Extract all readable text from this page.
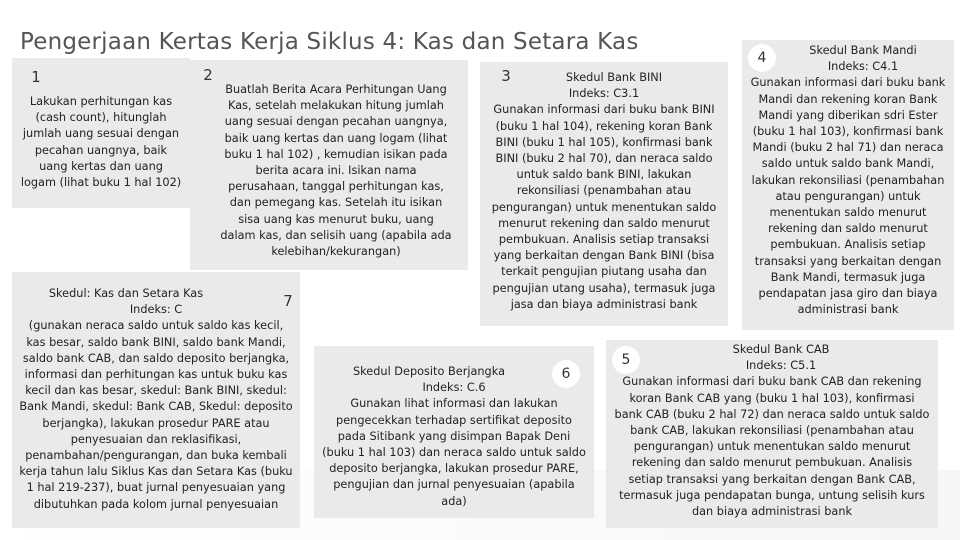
Pengerjaan Kertas Kerja Siklus 4: Kas dan Setara Kas

Lakukan perhitungan kas (cash count), hitunglah jumlah uang sesuai dengan pecahan uangnya, baik uang kertas dan uang logam (lihat buku 1 hal 102)

1

Buatlah Berita Acara Perhitungan Uang Kas, setelah melakukan hitung jumlah uang sesuai dengan pecahan uangnya, baik uang kertas dan uang logam (lihat buku 1 hal 102) , kemudian isikan pada berita acara ini. Isikan nama perusahaan, tanggal perhitungan kas, dan pemegang kas. Setelah itu isikan sisa uang kas menurut buku, uang dalam kas, dan selisih uang (apabila ada kelebihan/kekurangan)

2	Skedul Bank BINI
Indeks: C3.1

Gunakan informasi dari buku bank BINI (buku 1 hal 104), rekening koran Bank BINI (buku 1 hal 105), konfirmasi bank BINI (buku 2 hal 70), dan neraca saldo untuk saldo bank BINI, lakukan rekonsiliasi (penambahan atau pengurangan) untuk menentukan saldo menurut rekening dan saldo menurut pembukuan. Analisis setiap transaksi yang berkaitan dengan Bank BINI (bisa terkait pengujian piutang usaha dan pengujian utang usaha), termasuk juga jasa dan biaya administrasi bank

3
Skedul Bank Mandi
Indeks: C4.1

Gunakan informasi dari buku bank Mandi dan rekening koran Bank Mandi yang diberikan sdri Ester (buku 1 hal 103), konfirmasi bank Mandi (buku 2 hal 71) dan neraca saldo untuk saldo bank Mandi, lakukan rekonsiliasi (penambahan atau pengurangan) untuk menentukan saldo menurut rekening dan saldo menurut pembukuan. Analisis setiap transaksi yang berkaitan dengan Bank Mandi, termasuk juga pendapatan jasa giro dan biaya administrasi bank

4
Skedul Bank CAB
Indeks: C5.1

Gunakan informasi dari buku bank CAB dan rekening koran Bank CAB yang (buku 1 hal 103), konfirmasi bank CAB (buku 2 hal 72) dan neraca saldo untuk saldo bank CAB, lakukan rekonsiliasi (penambahan atau pengurangan) untuk menentukan saldo menurut rekening dan saldo menurut pembukuan. Analisis setiap transaksi yang berkaitan dengan Bank CAB, termasuk juga pendapatan bunga, untung selisih kurs dan biaya administrasi bank

5
Skedul Deposito Berjangka
Indeks: C.6

Gunakan lihat informasi dan lakukan pengecekkan terhadap sertifikat deposito pada Sitibank yang disimpan Bapak Deni (buku 1 hal 103) dan neraca saldo untuk saldo deposito berjangka, lakukan prosedur PARE, pengujian dan jurnal penyesuaian (apabila ada)

6
Skedul: Kas dan Setara Kas
Indeks: C

(gunakan neraca saldo untuk saldo kas kecil, kas besar, saldo bank BINI, saldo bank Mandi, saldo bank CAB, dan saldo deposito berjangka, informasi dan perhitungan kas untuk buku kas kecil dan kas besar, skedul: Bank BINI, skedul: Bank Mandi, skedul: Bank CAB, Skedul: deposito berjangka), lakukan prosedur PARE atau penyesuaian dan reklasifikasi, penambahan/pengurangan, dan buka kembali kerja tahun lalu Siklus Kas dan Setara Kas (buku 1 hal 219-237), buat jurnal penyesuaian yang dibutuhkan pada kolom jurnal penyesuaian

7
